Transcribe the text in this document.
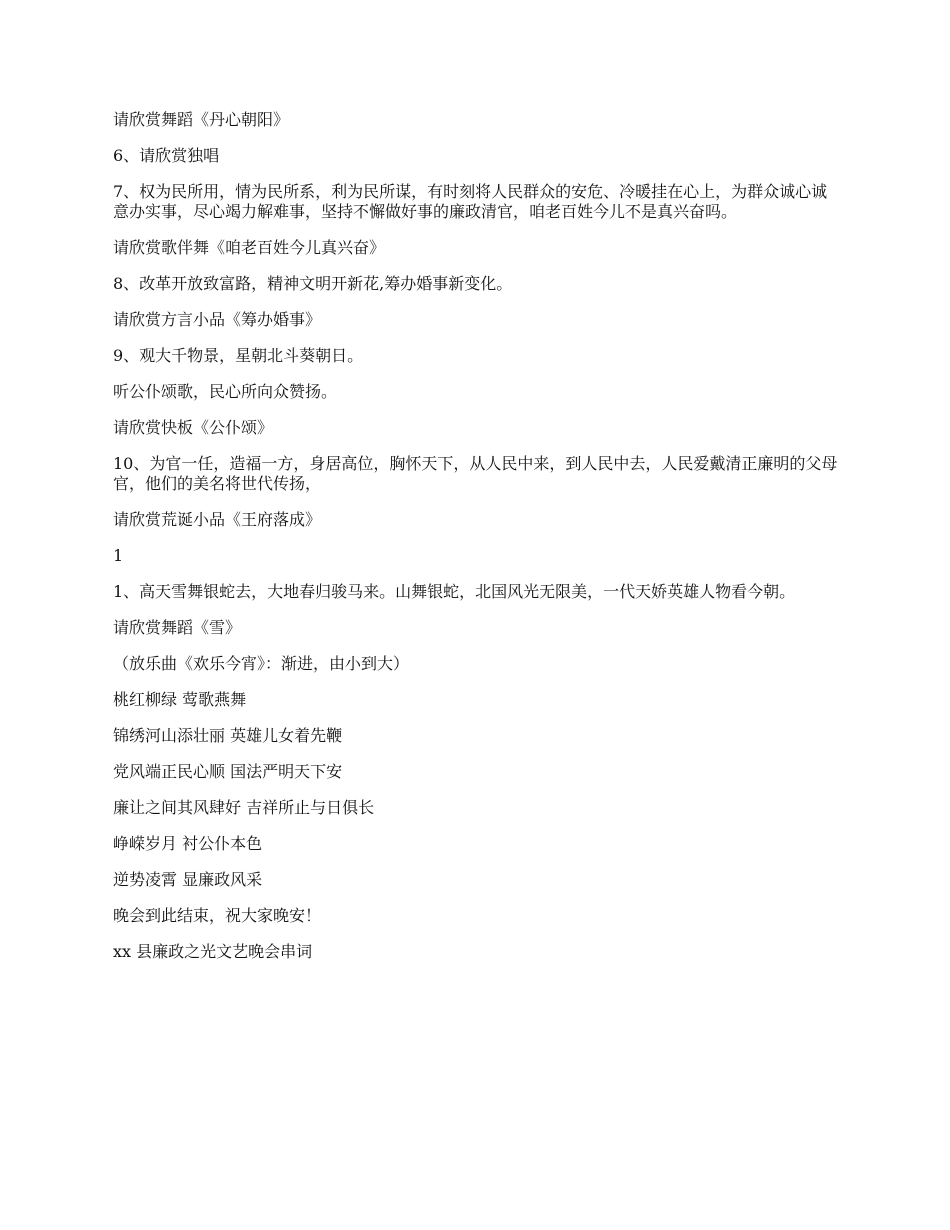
请欣赏舞蹈《丹心朝阳》

6、请欣赏独唱

7、权为民所用，情为民所系，利为民所谋，有时刻将人民群众的安危、冷暖挂在心上，为群众诚心诚意办实事，尽心竭力解难事，坚持不懈做好事的廉政清官，咱老百姓今儿不是真兴奋吗。

请欣赏歌伴舞《咱老百姓今儿真兴奋》

8、改革开放致富路，精神文明开新花,筹办婚事新变化。

请欣赏方言小品《筹办婚事》

9、观大千物景，星朝北斗葵朝日。

听公仆颂歌，民心所向众赞扬。

请欣赏快板《公仆颂》

10、为官一任，造福一方，身居高位，胸怀天下，从人民中来，到人民中去，人民爱戴清正廉明的父母官，他们的美名将世代传扬，

请欣赏荒诞小品《王府落成》

1

1、高天雪舞银蛇去，大地春归骏马来。山舞银蛇，北国风光无限美，一代天娇英雄人物看今朝。

请欣赏舞蹈《雪》

（放乐曲《欢乐今宵》：渐进，由小到大）

桃红柳绿 莺歌燕舞

锦绣河山添壮丽 英雄儿女着先鞭

党风端正民心顺 国法严明天下安

廉让之间其风肆好 吉祥所止与日俱长

峥嵘岁月 衬公仆本色

逆势凌霄 显廉政风采

晚会到此结束，祝大家晚安！

xx 县廉政之光文艺晚会串词
